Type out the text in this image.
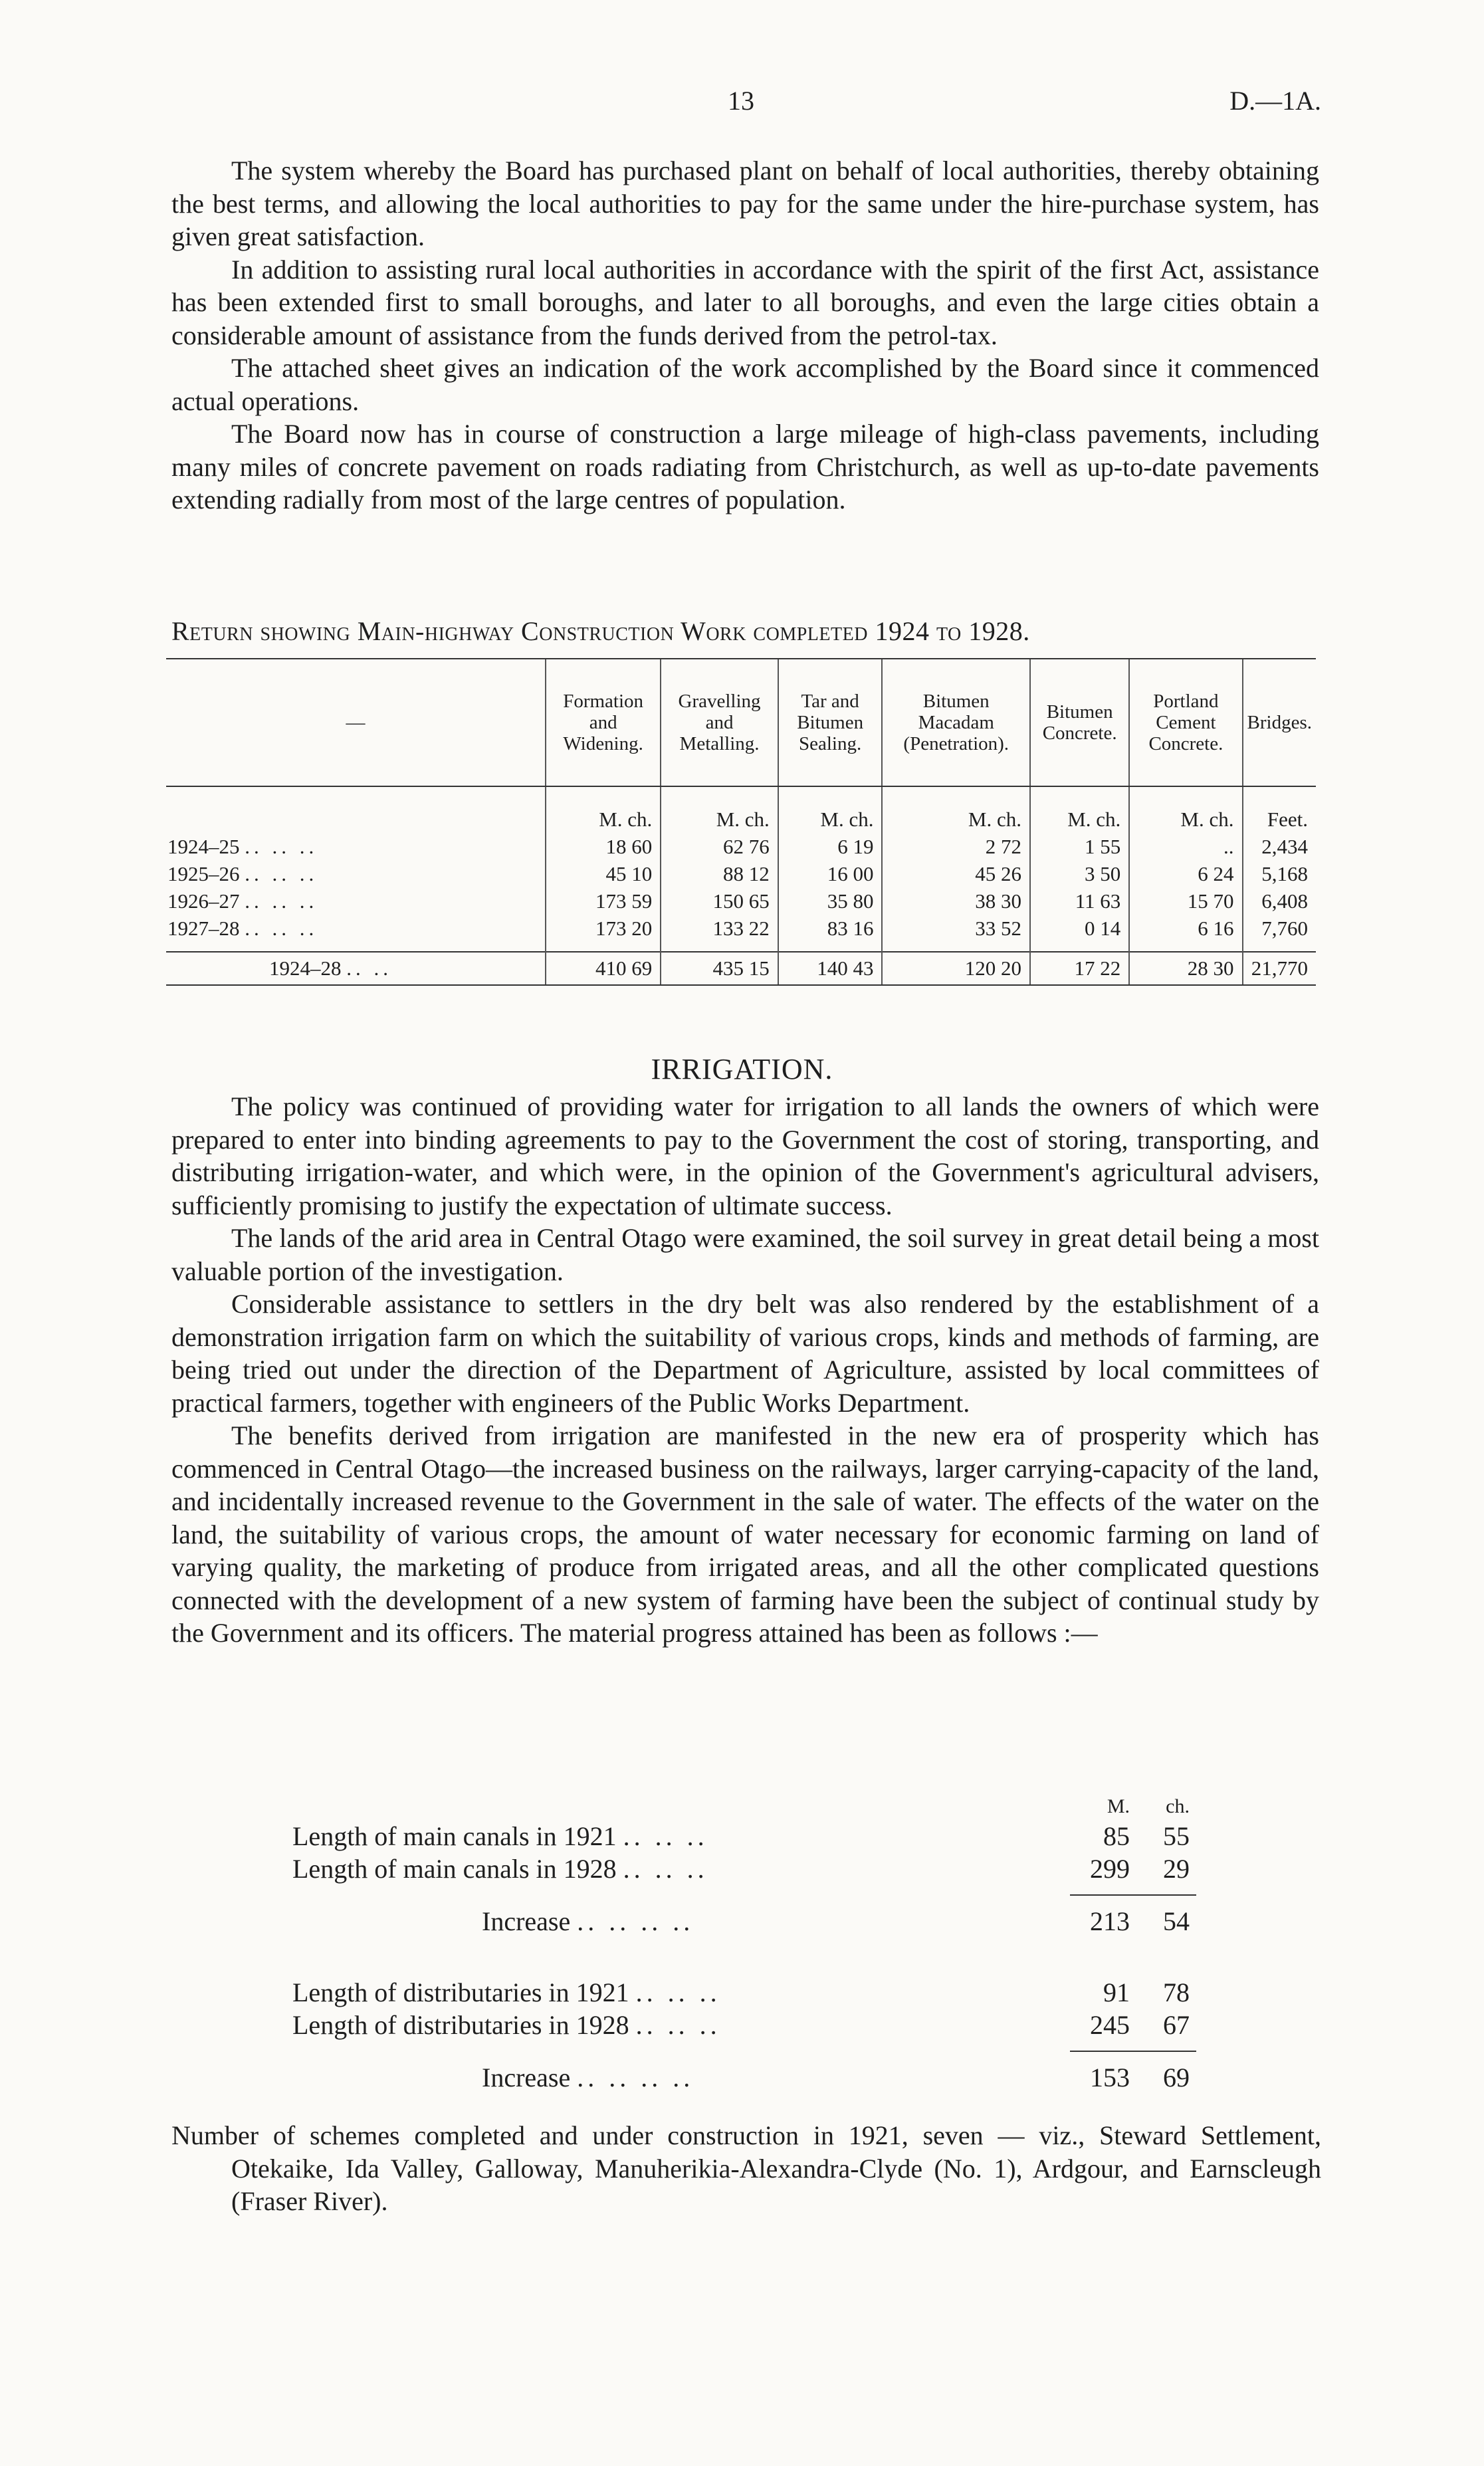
13	D.—1A.

The system whereby the Board has purchased plant on behalf of local authorities, thereby obtaining the best terms, and allowing the local authorities to pay for the same under the hire-purchase system, has given great satisfaction.

In addition to assisting rural local authorities in accordance with the spirit of the first Act, assistance has been extended first to small boroughs, and later to all boroughs, and even the large cities obtain a considerable amount of assistance from the funds derived from the petrol-tax.

The attached sheet gives an indication of the work accomplished by the Board since it commenced actual operations.

The Board now has in course of construction a large mileage of high-class pavements, including many miles of concrete pavement on roads radiating from Christchurch, as well as up-to-date pavements extending radially from most of the large centres of population.

Return showing Main-highway Construction Work completed 1924 to 1928.
—	Formation and Widening.	Gravelling and Metalling.	Tar and Bitumen Sealing.	Bitumen Macadam (Penetration).	Bitumen Concrete.	Portland Cement Concrete.	Bridges.
	M. ch.	M. ch.	M. ch.	M. ch.	M. ch.	M. ch.	Feet.
1924–25 .. .. ..	18 60	62 76	6 19	2 72	1 55	..	2,434
1925–26 .. .. ..	45 10	88 12	16 00	45 26	3 50	6 24	5,168
1926–27 .. .. ..	173 59	150 65	35 80	38 30	11 63	15 70	6,408
1927–28 .. .. ..	173 20	133 22	83 16	33 52	0 14	6 16	7,760

1924–28 .. ..	410 69	435 15	140 43	120 20	17 22	28 30	21,770
IRRIGATION.

The policy was continued of providing water for irrigation to all lands the owners of which were prepared to enter into binding agreements to pay to the Government the cost of storing, transporting, and distributing irrigation-water, and which were, in the opinion of the Government's agricultural advisers, sufficiently promising to justify the expectation of ultimate success.

The lands of the arid area in Central Otago were examined, the soil survey in great detail being a most valuable portion of the investigation.

Considerable assistance to settlers in the dry belt was also rendered by the establishment of a demonstration irrigation farm on which the suitability of various crops, kinds and methods of farming, are being tried out under the direction of the Department of Agriculture, assisted by local committees of practical farmers, together with engineers of the Public Works Department.

The benefits derived from irrigation are manifested in the new era of prosperity which has commenced in Central Otago—the increased business on the railways, larger carrying-capacity of the land, and incidentally increased revenue to the Government in the sale of water. The effects of the water on the land, the suitability of various crops, the amount of water necessary for economic farming on land of varying quality, the marketing of produce from irrigated areas, and all the other complicated questions connected with the development of a new system of farming have been the subject of continual study by the Government and its officers. The material progress attained has been as follows :—

M.	ch.
Length of main canals in 1921 .. .. ..	85	55
Length of main canals in 1928 .. .. ..	299	29
Increase .. .. .. ..	213	54
Length of distributaries in 1921 .. .. ..	91	78
Length of distributaries in 1928 .. .. ..	245	67
Increase .. .. .. ..	153	69

Number of schemes completed and under construction in 1921, seven — viz., Steward Settlement, Otekaike, Ida Valley, Galloway, Manuherikia-Alexandra-Clyde (No. 1), Ardgour, and Earnscleugh (Fraser River).
